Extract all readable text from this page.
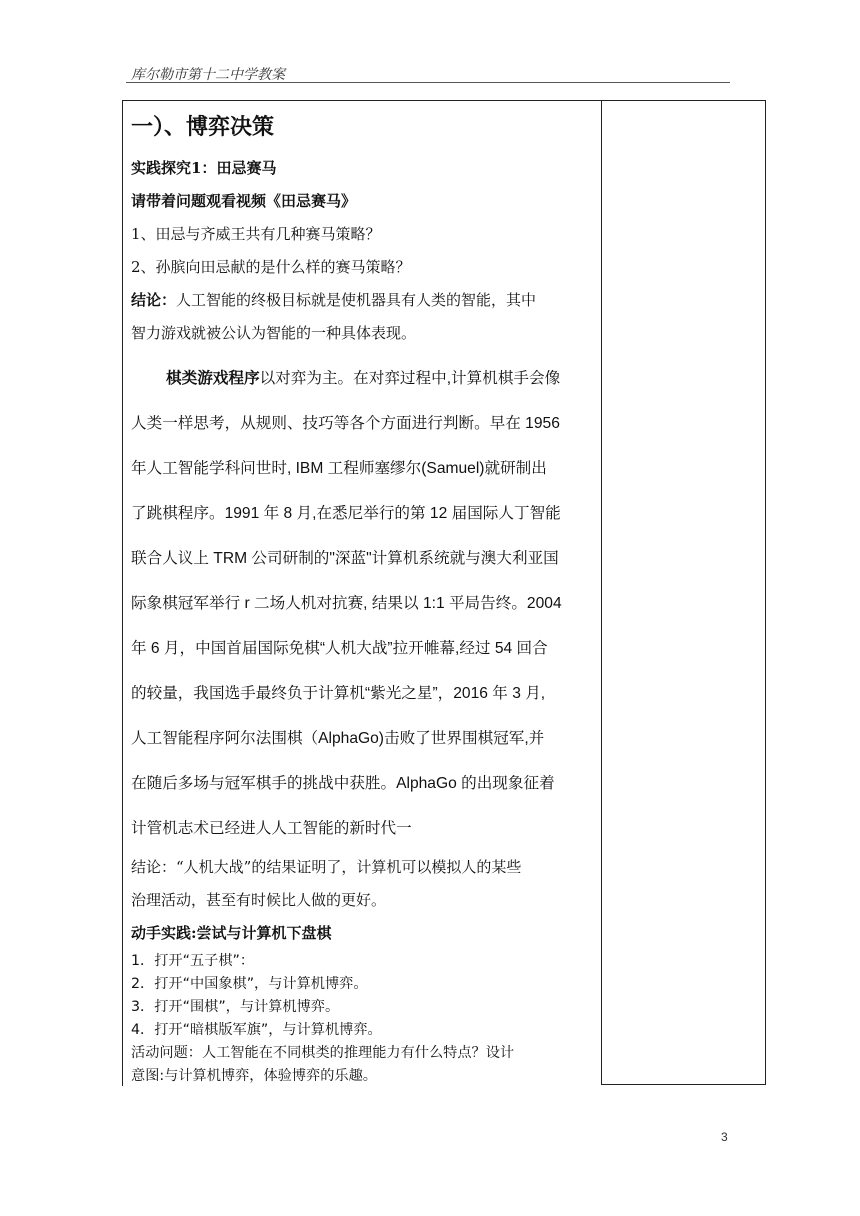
库尔勒市第十二中学教案
一）、博弈决策
实践探究1：田忌赛马
请带着问题观看视频《田忌赛马》
1、田忌与齐威王共有几种赛马策略？
2、孙膑向田忌献的是什么样的赛马策略？
结论：人工智能的终极目标就是使机器具有人类的智能，其中
智力游戏就被公认为智能的一种具体表现。
棋类游戏程序以对弈为主。在对弈过程中,计算机棋手会像
人类一样思考，从规则、技巧等各个方面进行判断。早在 1956
年人工智能学科问世时, IBM 工程师塞缪尔(Samuel)就研制出
了跳棋程序。1991 年 8 月,在悉尼举行的第 12 届国际人丁智能
联合人议上 TRM 公司研制的"深蓝"计算机系统就与澳大利亚国
际象棋冠军举行 r 二场人机对抗赛, 结果以 1:1 平局告终。2004
年 6 月，中国首届国际免棋“人机大战”拉开帷幕,经过 54 回合
的较量，我国选手最终负于计算机“紫光之星”，2016 年 3 月,
人工智能程序阿尔法围棋（AlphaGo)击败了世界围棋冠军,并
在随后多场与冠军棋手的挑战中获胜。AlphaGo 的出现象征着
计管机志术已经进人人工智能的新时代一
结论：“人机大战”的结果证明了，计算机可以模拟人的某些
治理活动，甚至有时候比人做的更好。
动手实践:尝试与计算机下盘棋
1．打开“五子棋”：
2．打开“中国象棋”，与计算机博弈。
3．打开“围棋”，与计算机博弈。
4．打开“暗棋版军旗”，与计算机博弈。
活动问题：人工智能在不同棋类的推理能力有什么特点？设计
意图:与计算机博弈，体验博弈的乐趣。
3
